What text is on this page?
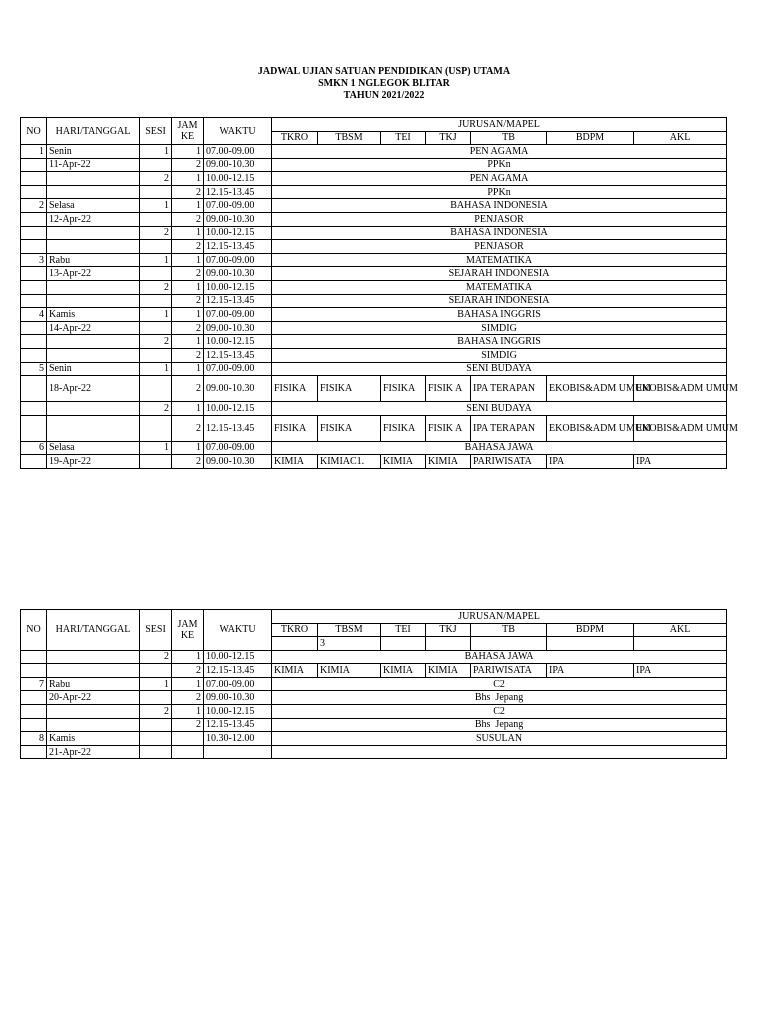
JADWAL UJIAN SATUAN PENDIDIKAN (USP) UTAMA
SMKN 1 NGLEGOK BLITAR
TAHUN 2021/2022
NO	HARI/TANGGAL	SESI	JAM KE	WAKTU	JURUSAN/MAPEL						
					TKRO	TBSM	TEI	TKJ	TB	BDPM	AKL
1	Senin	1	1	07.00-09.00	PEN AGAMA						
	11-Apr-22		2	09.00-10.30	PPKn						
		2	1	10.00-12.15	PEN AGAMA						
			2	12.15-13.45	PPKn						
2	Selasa	1	1	07.00-09.00	BAHASA INDONESIA						
	12-Apr-22		2	09.00-10.30	PENJASOR						
		2	1	10.00-12.15	BAHASA INDONESIA						
			2	12.15-13.45	PENJASOR						
3	Rabu	1	1	07.00-09.00	MATEMATIKA						
	13-Apr-22		2	09.00-10.30	SEJARAH INDONESIA						
		2	1	10.00-12.15	MATEMATIKA						
			2	12.15-13.45	SEJARAH INDONESIA						
4	Kamis	1	1	07.00-09.00	BAHASA INGGRIS						
	14-Apr-22		2	09.00-10.30	SIMDIG						
		2	1	10.00-12.15	BAHASA INGGRIS						
			2	12.15-13.45	SIMDIG						
5	Senin	1	1	07.00-09.00	SENI BUDAYA						
	18-Apr-22		2	09.00-10.30	FISIKA	FISIKA	FISIKA	FISIK A	IPA TERAPAN	EKOBIS&ADM UMUM	EKOBIS&ADM UMUM
		2	1	10.00-12.15	SENI BUDAYA						
			2	12.15-13.45	FISIKA	FISIKA	FISIKA	FISIK A	IPA TERAPAN	EKOBIS&ADM UMUM	EKOBIS&ADM UMUM
6	Selasa	1	1	07.00-09.00	BAHASA JAWA						
	19-Apr-22		2	09.00-10.30	KIMIA	KIMIAC1.	KIMIA	KIMIA	PARIWISATA	IPA	IPA
NO	HARI/TANGGAL	SESI	JAM KE	WAKTU	JURUSAN/MAPEL						
					TKRO	TBSM	TEI	TKJ	TB	BDPM	AKL
						3					
		2	1	10.00-12.15	BAHASA JAWA						
			2	12.15-13.45	KIMIA	KIMIA	KIMIA	KIMIA	PARIWISATA	IPA	IPA
7	Rabu	1	1	07.00-09.00	C2						
	20-Apr-22		2	09.00-10.30	Bhs  Jepang						
		2	1	10.00-12.15	C2						
			2	12.15-13.45	Bhs  Jepang						
8	Kamis			10.30-12.00	SUSULAN						
	21-Apr-22										
